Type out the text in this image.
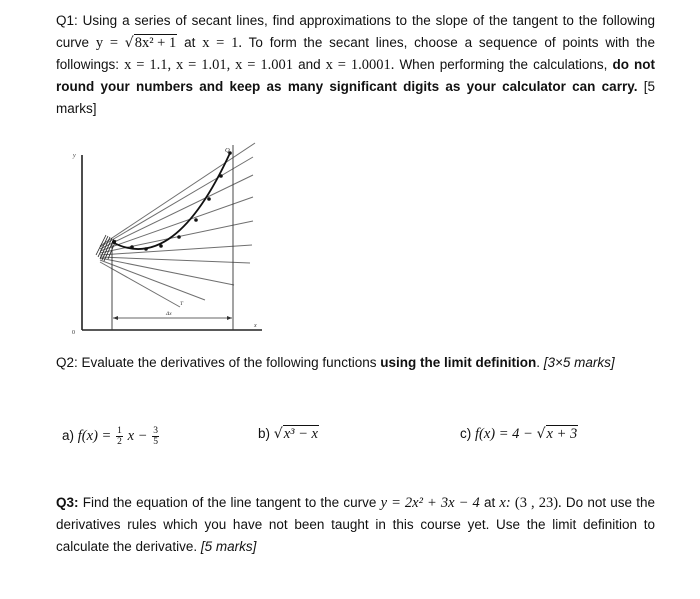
Q1: Using a series of secant lines, find approximations to the slope of the tangent to the following curve y = √8x² + 1 at x = 1. To form the secant lines, choose a sequence of points with the followings: x = 1.1, x = 1.01, x = 1.001 and x = 1.0001. When performing the calculations, do not round your numbers and keep as many significant digits as your calculator can carry. [5 marks]
y
0
x
Q
Δx
T
Q2: Evaluate the derivatives of the following functions using the limit definition. [3×5 marks]
a) $f(x) = \frac{1}{2}$ $x - \frac{3}{5}$	b) √x³ − x	c) f(x) = 4 − √x + 3
Q3: Find the equation of the line tangent to the curve y = 2x² + 3x − 4 at x: (3 , 23). Do not use the derivatives rules which you have not been taught in this course yet. Use the limit definition to calculate the derivative. [5 marks]
